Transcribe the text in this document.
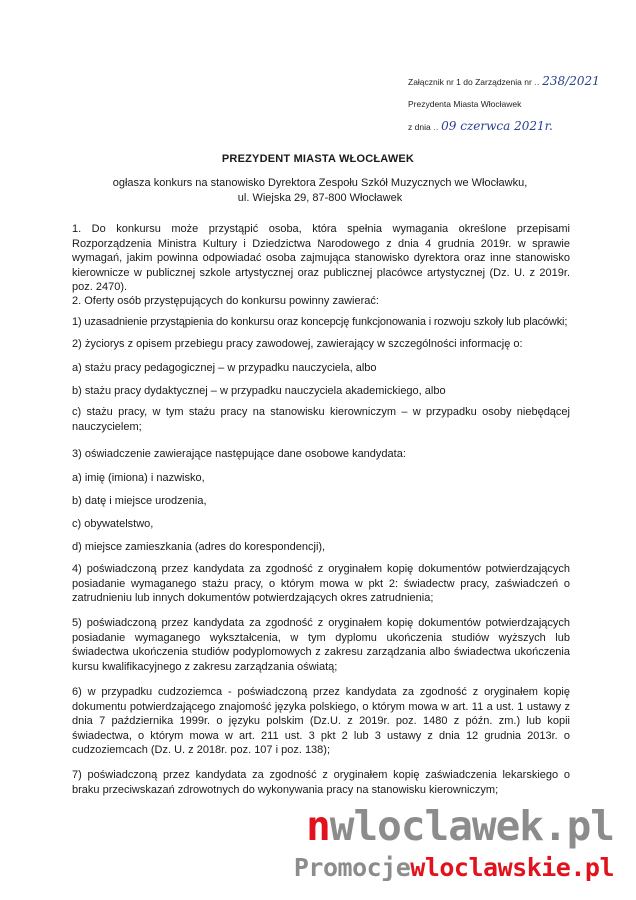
Załącznik nr 1 do Zarządzenia nr .. 238/2021
Prezydenta Miasta Włocławek
z dnia .. 09 czerwca 2021r.
PREZYDENT MIASTA WŁOCŁAWEK
ogłasza konkurs na stanowisko Dyrektora Zespołu Szkół Muzycznych we Włocławku,
ul. Wiejska 29, 87-800 Włocławek

1. Do konkursu może przystąpić osoba, która spełnia wymagania określone przepisami Rozporządzenia Ministra Kultury i Dziedzictwa Narodowego z dnia 4 grudnia 2019r. w sprawie wymagań, jakim powinna odpowiadać osoba zajmująca stanowisko dyrektora oraz inne stanowisko kierownicze w publicznej szkole artystycznej oraz publicznej placówce artystycznej (Dz. U. z 2019r. poz. 2470).

2. Oferty osób przystępujących do konkursu powinny zawierać:

1) uzasadnienie przystąpienia do konkursu oraz koncepcję funkcjonowania i rozwoju szkoły lub placówki;

2) życiorys z opisem przebiegu pracy zawodowej, zawierający w szczególności informację o:

a) stażu pracy pedagogicznej – w przypadku nauczyciela, albo

b) stażu pracy dydaktycznej – w przypadku nauczyciela akademickiego, albo

c) stażu pracy, w tym stażu pracy na stanowisku kierowniczym – w przypadku osoby niebędącej nauczycielem;

3) oświadczenie zawierające następujące dane osobowe kandydata:

a) imię (imiona) i nazwisko,

b) datę i miejsce urodzenia,

c) obywatelstwo,

d) miejsce zamieszkania (adres do korespondencji),

4) poświadczoną przez kandydata za zgodność z oryginałem kopię dokumentów potwierdzających posiadanie wymaganego stażu pracy, o którym mowa w pkt 2: świadectw pracy, zaświadczeń o zatrudnieniu lub innych dokumentów potwierdzających okres zatrudnienia;

5) poświadczoną przez kandydata za zgodność z oryginałem kopię dokumentów potwierdzających posiadanie wymaganego wykształcenia, w tym dyplomu ukończenia studiów wyższych lub świadectwa ukończenia studiów podyplomowych z zakresu zarządzania albo świadectwa ukończenia kursu kwalifikacyjnego z zakresu zarządzania oświatą;

6) w przypadku cudzoziemca - poświadczoną przez kandydata za zgodność z oryginałem kopię dokumentu potwierdzającego znajomość języka polskiego, o którym mowa w art. 11 a ust. 1 ustawy z dnia 7 października 1999r. o języku polskim (Dz.U. z 2019r. poz. 1480 z późn. zm.) lub kopii świadectwa, o którym mowa w art. 211 ust. 3 pkt 2 lub 3 ustawy z dnia 12 grudnia 2013r. o cudzoziemcach (Dz. U. z 2018r. poz. 107 i poz. 138);

7) poświadczoną przez kandydata za zgodność z oryginałem kopię zaświadczenia lekarskiego o braku przeciwskazań zdrowotnych do wykonywania pracy na stanowisku kierowniczym;

nwloclawek.pl
Promocjewloclawskie.pl
